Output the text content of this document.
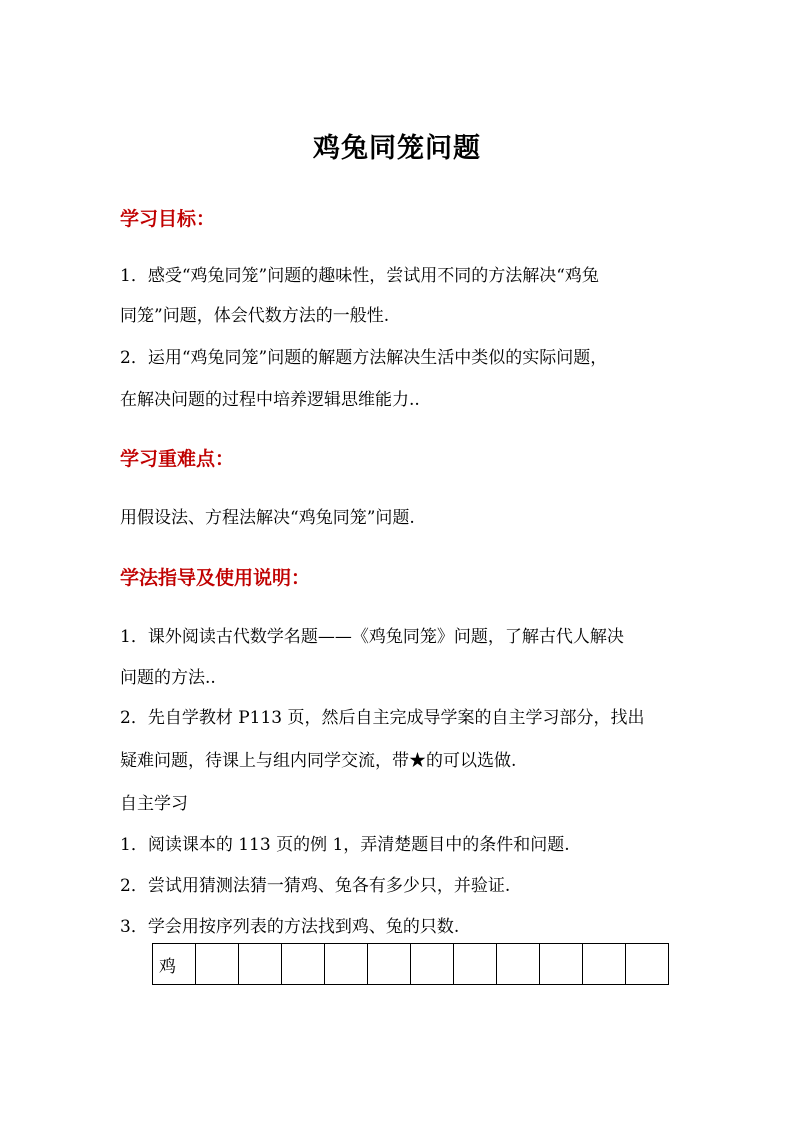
鸡兔同笼问题
学习目标：
1．感受“鸡兔同笼”问题的趣味性，尝试用不同的方法解决“鸡兔
同笼”问题，体会代数方法的一般性.
2．运用“鸡兔同笼”问题的解题方法解决生活中类似的实际问题，
在解决问题的过程中培养逻辑思维能力..
学习重难点：
用假设法、方程法解决“鸡兔同笼”问题.
学法指导及使用说明：
1．课外阅读古代数学名题——《鸡兔同笼》问题，了解古代人解决
问题的方法..
2．先自学教材 P113 页，然后自主完成导学案的自主学习部分，找出
疑难问题，待课上与组内同学交流，带★的可以选做.
自主学习
1．阅读课本的 113 页的例 1，弄清楚题目中的条件和问题.
2．尝试用猜测法猜一猜鸡、兔各有多少只，并验证.
3．学会用按序列表的方法找到鸡、兔的只数.
鸡											
